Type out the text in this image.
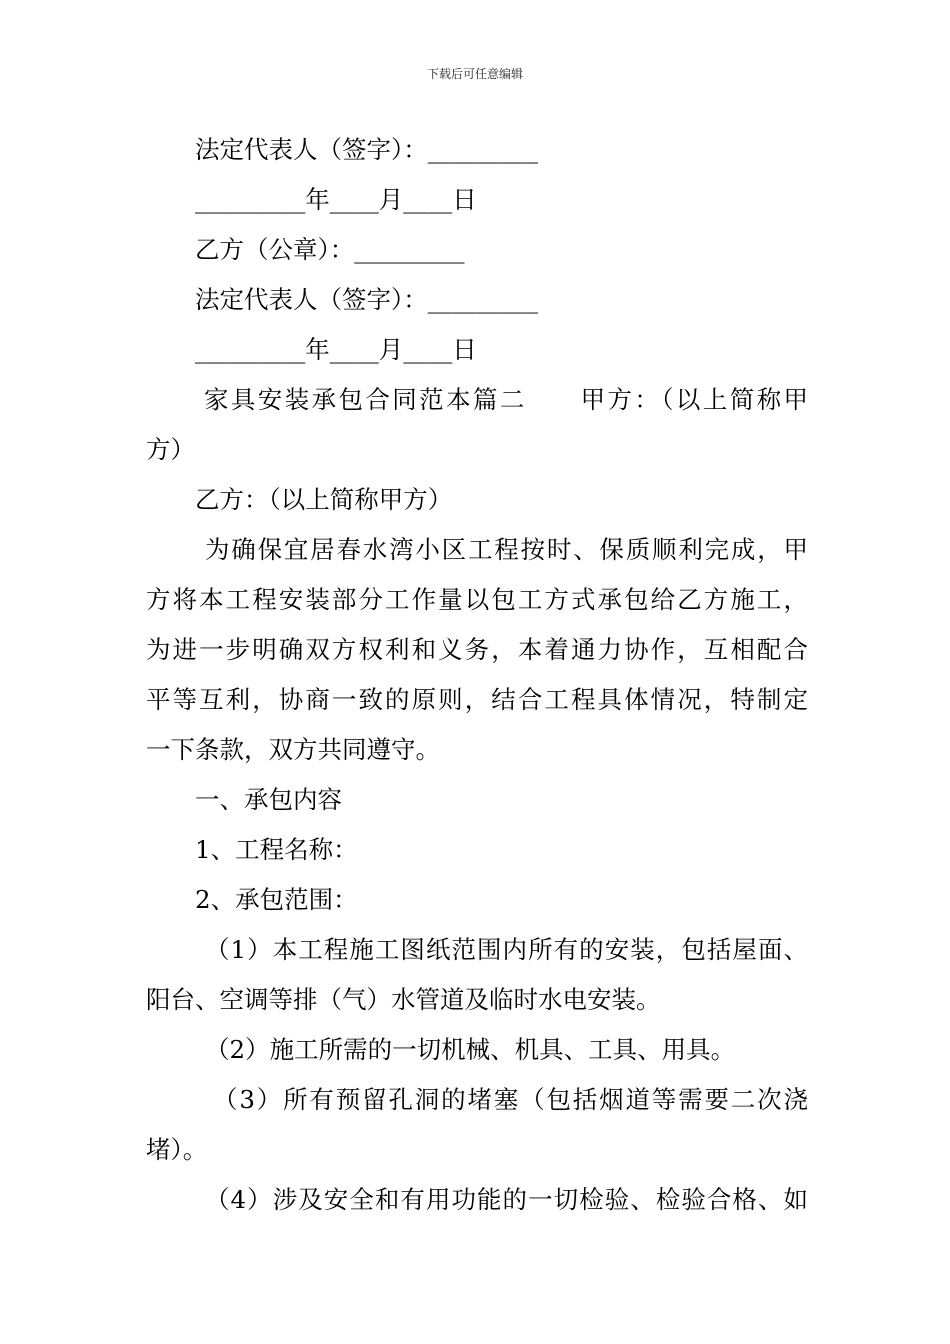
下载后可任意编辑

法定代表人（签字）：_________

_________年____月____日

乙方（公章）：_________

法定代表人（签字）：_________

_________年____月____日

家具安装承包合同范本篇二　　甲方：（以上简称甲

方）

乙方：（以上简称甲方）

为确保宜居春水湾小区工程按时、保质顺利完成，甲

方将本工程安装部分工作量以包工方式承包给乙方施工，

为进一步明确双方权利和义务，本着通力协作，互相配合

平等互利，协商一致的原则，结合工程具体情况，特制定

一下条款，双方共同遵守。

一、承包内容

1、工程名称：

2、承包范围：

（1）本工程施工图纸范围内所有的安装，包括屋面、

阳台、空调等排（气）水管道及临时水电安装。

（2）施工所需的一切机械、机具、工具、用具。

（3）所有预留孔洞的堵塞（包括烟道等需要二次浇

堵）。

（4）涉及安全和有用功能的一切检验、检验合格、如
